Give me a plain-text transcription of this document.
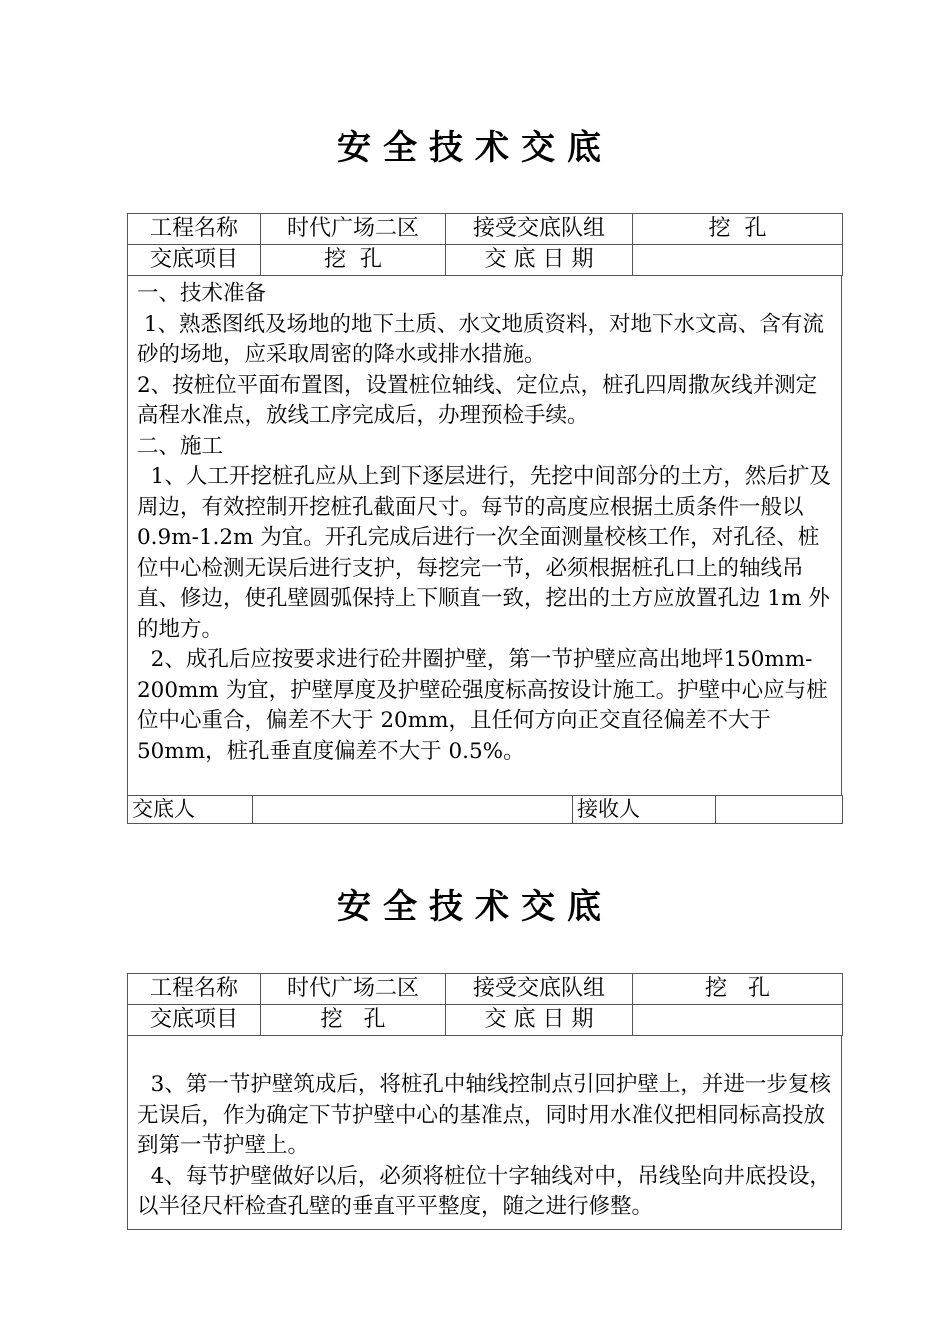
安全技术交底
工程名称	时代广场二区	接受交底队组	挖  孔
交底项目	挖  孔	交 底 日 期	

一、技术准备

1、熟悉图纸及场地的地下土质、水文地质资料，对地下水文高、含有流砂的场地，应采取周密的降水或排水措施。

2、按桩位平面布置图，设置桩位轴线、定位点，桩孔四周撒灰线并测定高程水准点，放线工序完成后，办理预检手续。

二、施工

1、人工开挖桩孔应从上到下逐层进行，先挖中间部分的土方，然后扩及周边，有效控制开挖桩孔截面尺寸。每节的高度应根据土质条件一般以 0.9m-1.2m 为宜。开孔完成后进行一次全面测量校核工作，对孔径、桩位中心检测无误后进行支护，每挖完一节，必须根据桩孔口上的轴线吊直、修边，使孔壁圆弧保持上下顺直一致，挖出的土方应放置孔边 1m 外的地方。

2、成孔后应按要求进行砼井圈护壁，第一节护壁应高出地坪150mm-200mm 为宜，护壁厚度及护壁砼强度标高按设计施工。护壁中心应与桩位中心重合，偏差不大于 20mm，且任何方向正交直径偏差不大于 50mm，桩孔垂直度偏差不大于 0.5%。

交底人		接收人	
安全技术交底
工程名称	时代广场二区	接受交底队组	挖   孔
交底项目	挖   孔	交 底 日 期	

3、第一节护壁筑成后，将桩孔中轴线控制点引回护壁上，并进一步复核无误后，作为确定下节护壁中心的基准点，同时用水准仪把相同标高投放到第一节护壁上。

4、每节护壁做好以后，必须将桩位十字轴线对中，吊线坠向井底投设，以半径尺杆检查孔壁的垂直平平整度，随之进行修整。
